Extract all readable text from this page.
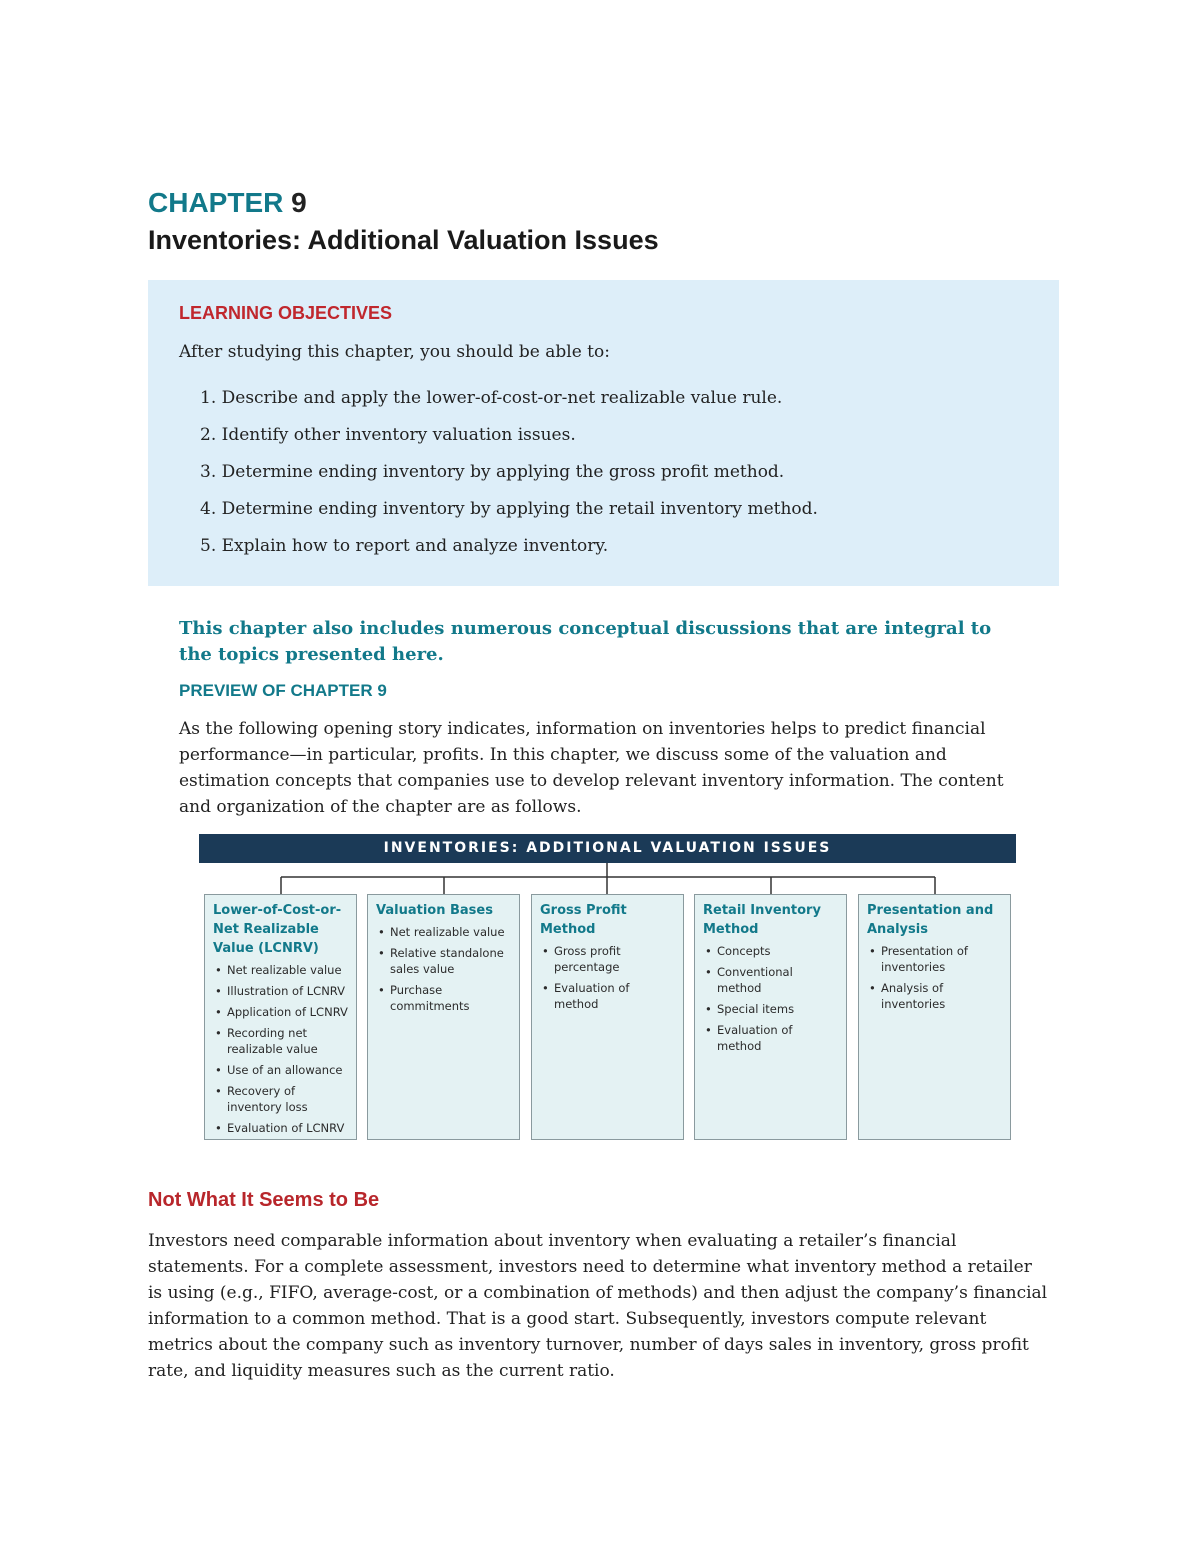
CHAPTER 9
Inventories: Additional Valuation Issues
LEARNING OBJECTIVES

After studying this chapter, you should be able to:

1. Describe and apply the lower-of-cost-or-net realizable value rule.
2. Identify other inventory valuation issues.
3. Determine ending inventory by applying the gross profit method.
4. Determine ending inventory by applying the retail inventory method.
5. Explain how to report and analyze inventory.

This chapter also includes numerous conceptual discussions that are integral to the topics presented here.

PREVIEW OF CHAPTER 9

As the following opening story indicates, information on inventories helps to predict financial performance—in particular, profits. In this chapter, we discuss some of the valuation and estimation concepts that companies use to develop relevant inventory information. The content and organization of the chapter are as follows.

INVENTORIES: ADDITIONAL VALUATION ISSUES

Lower-of-Cost-or-Net Realizable Value (LCNRV)

• Net realizable value
• Illustration of LCNRV
• Application of LCNRV
• Recording net realizable value
• Use of an allowance
• Recovery of inventory loss
• Evaluation of LCNRV

Valuation Bases

• Net realizable value
• Relative standalone sales value
• Purchase commitments

Gross Profit Method

• Gross profit percentage
• Evaluation of method

Retail Inventory Method

• Concepts
• Conventional method
• Special items
• Evaluation of method

Presentation and Analysis

• Presentation of inventories
• Analysis of inventories
Not What It Seems to Be

Investors need comparable information about inventory when evaluating a retailer’s financial statements. For a complete assessment, investors need to determine what inventory method a retailer is using (e.g., FIFO, average-cost, or a combination of methods) and then adjust the company’s financial information to a common method. That is a good start. Subsequently, investors compute relevant metrics about the company such as inventory turnover, number of days sales in inventory, gross profit rate, and liquidity measures such as the current ratio.
